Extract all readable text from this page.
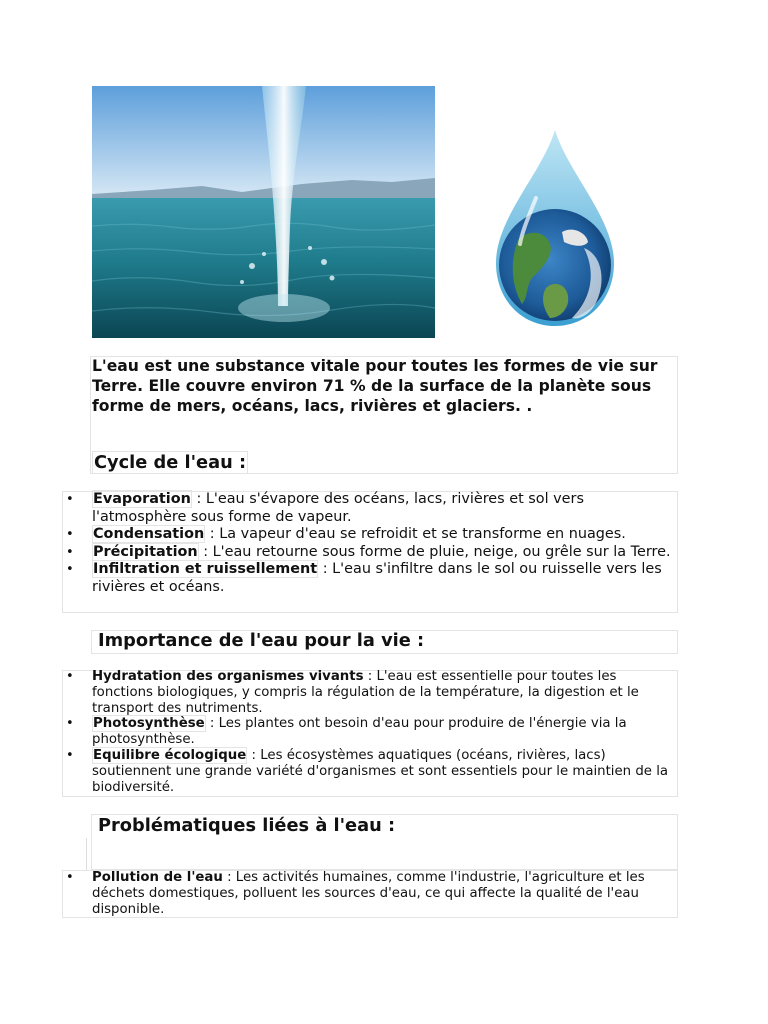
L'eau est une substance vitale pour toutes les formes de vie sur Terre. Elle couvre environ 71 % de la surface de la planète sous forme de mers, océans, lacs, rivières et glaciers. .

Cycle de l'eau :
• Evaporation : L'eau s'évapore des océans, lacs, rivières et sol vers l'atmosphère sous forme de vapeur.
• Condensation : La vapeur d'eau se refroidit et se transforme en nuages.
• Précipitation : L'eau retourne sous forme de pluie, neige, ou grêle sur la Terre.
• Infiltration et ruissellement : L'eau s'infiltre dans le sol ou ruisselle vers les rivières et océans.
Importance de l'eau pour la vie :
• Hydratation des organismes vivants : L'eau est essentielle pour toutes les fonctions biologiques, y compris la régulation de la température, la digestion et le transport des nutriments.
• Photosynthèse : Les plantes ont besoin d'eau pour produire de l'énergie via la photosynthèse.
• Equilibre écologique : Les écosystèmes aquatiques (océans, rivières, lacs) soutiennent une grande variété d'organismes et sont essentiels pour le maintien de la biodiversité.
Problématiques liées à l'eau :
• Pollution de l'eau : Les activités humaines, comme l'industrie, l'agriculture et les déchets domestiques, polluent les sources d'eau, ce qui affecte la qualité de l'eau disponible.
